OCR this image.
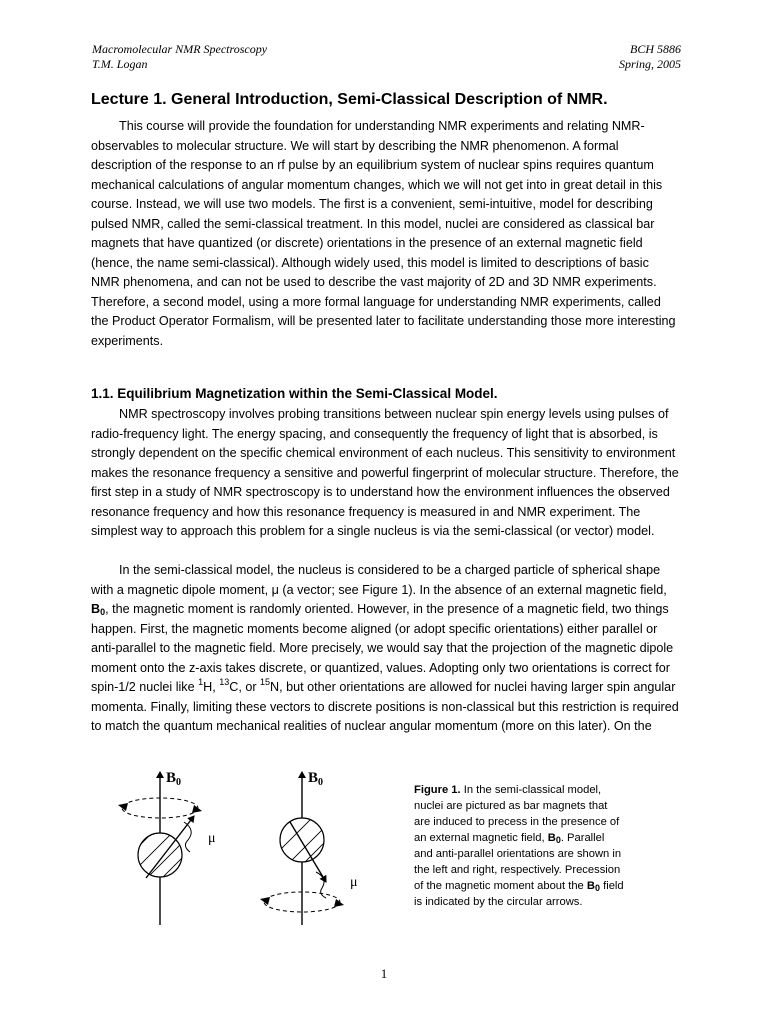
Macromolecular NMR Spectroscopy
T.M. Logan
BCH 5886
Spring, 2005
Lecture 1. General Introduction, Semi-Classical Description of NMR.

This course will provide the foundation for understanding NMR experiments and relating NMR-observables to molecular structure. We will start by describing the NMR phenomenon. A formal description of the response to an rf pulse by an equilibrium system of nuclear spins requires quantum mechanical calculations of angular momentum changes, which we will not get into in great detail in this course. Instead, we will use two models. The first is a convenient, semi-intuitive, model for describing pulsed NMR, called the semi-classical treatment. In this model, nuclei are considered as classical bar magnets that have quantized (or discrete) orientations in the presence of an external magnetic field (hence, the name semi-classical). Although widely used, this model is limited to descriptions of basic NMR phenomena, and can not be used to describe the vast majority of 2D and 3D NMR experiments. Therefore, a second model, using a more formal language for understanding NMR experiments, called the Product Operator Formalism, will be presented later to facilitate understanding those more interesting experiments.

1.1. Equilibrium Magnetization within the Semi-Classical Model.

NMR spectroscopy involves probing transitions between nuclear spin energy levels using pulses of radio-frequency light. The energy spacing, and consequently the frequency of light that is absorbed, is strongly dependent on the specific chemical environment of each nucleus. This sensitivity to environment makes the resonance frequency a sensitive and powerful fingerprint of molecular structure. Therefore, the first step in a study of NMR spectroscopy is to understand how the environment influences the observed resonance frequency and how this resonance frequency is measured in and NMR experiment. The simplest way to approach this problem for a single nucleus is via the semi-classical (or vector) model.

In the semi-classical model, the nucleus is considered to be a charged particle of spherical shape with a magnetic dipole moment, μ (a vector; see Figure 1). In the absence of an external magnetic field, $B_0$, the magnetic moment is randomly oriented. However, in the presence of a magnetic field, two things happen. First, the magnetic moments become aligned (or adopt specific orientations) either parallel or anti-parallel to the magnetic field. More precisely, we would say that the projection of the magnetic dipole moment onto the z-axis takes discrete, or quantized, values. Adopting only two orientations is correct for spin-1/2 nuclei like $^1$H, $^{13}$C, or $^{15}$N, but other orientations are allowed for nuclei having larger spin angular momenta. Finally, limiting these vectors to discrete positions is non-classical but this restriction is required to match the quantum mechanical realities of nuclear angular momentum (more on this later). On the

$B_0$
μ
$B_0$
μ

Figure 1. In the semi-classical model, nuclei are pictured as bar magnets that are induced to precess in the presence of an external magnetic field, $B_0$. Parallel and anti-parallel orientations are shown in the left and right, respectively. Precession of the magnetic moment about the $B_0$ field is indicated by the circular arrows.

1
